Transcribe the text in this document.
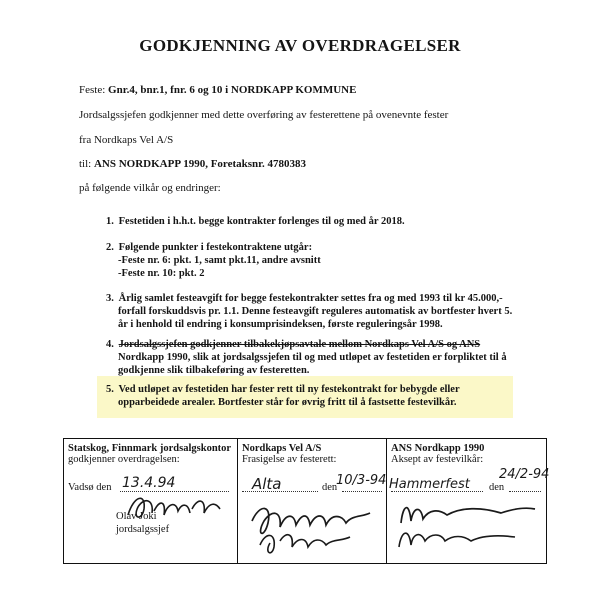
GODKJENNING AV OVERDRAGELSER
Feste: Gnr.4, bnr.1, fnr. 6 og 10 i NORDKAPP KOMMUNE
Jordsalgssjefen godkjenner med dette overføring av festerettene på ovenevnte fester
fra Nordkaps Vel A/S
til: ANS NORDKAPP 1990, Foretaksnr. 4780383
på følgende vilkår og endringer:
1. Festetiden i h.h.t. begge kontrakter forlenges til og med år 2018.
2. Følgende punkter i festekontraktene utgår:
-Feste nr. 6: pkt. 1, samt pkt.11, andre avsnitt
-Feste nr. 10: pkt. 2
3. Årlig samlet festeavgift for begge festekontrakter settes fra og med 1993 til kr 45.000,-
forfall forskuddsvis pr. 1.1. Denne festeavgift reguleres automatisk av bortfester hvert 5.
år i henhold til endring i konsumprisindeksen, første reguleringsår 1998.
4. Jordsalgssjefen godkjenner tilbakekjøpsavtale mellom Nordkaps Vel A/S og ANS
Nordkapp 1990, slik at jordsalgssjefen til og med utløpet av festetiden er forpliktet til å
godkjenne slik tilbakeføring av festeretten.
5. Ved utløpet av festetiden har fester rett til ny festekontrakt for bebygde eller
opparbeidede arealer. Bortfester står for øvrig fritt til å fastsette festevilkår.
Statskog, Finnmark jordsalgskontor
godkjenner overdragelsen:
Vadsø den 13.4.94
Olav Joki
jordsalgssjef
Nordkaps Vel A/S
Frasigelse av festerett:
den
Alta	10/3-94
ANS Nordkapp 1990
Aksept av festevilkår:
den
Hammerfest
24/2-94
